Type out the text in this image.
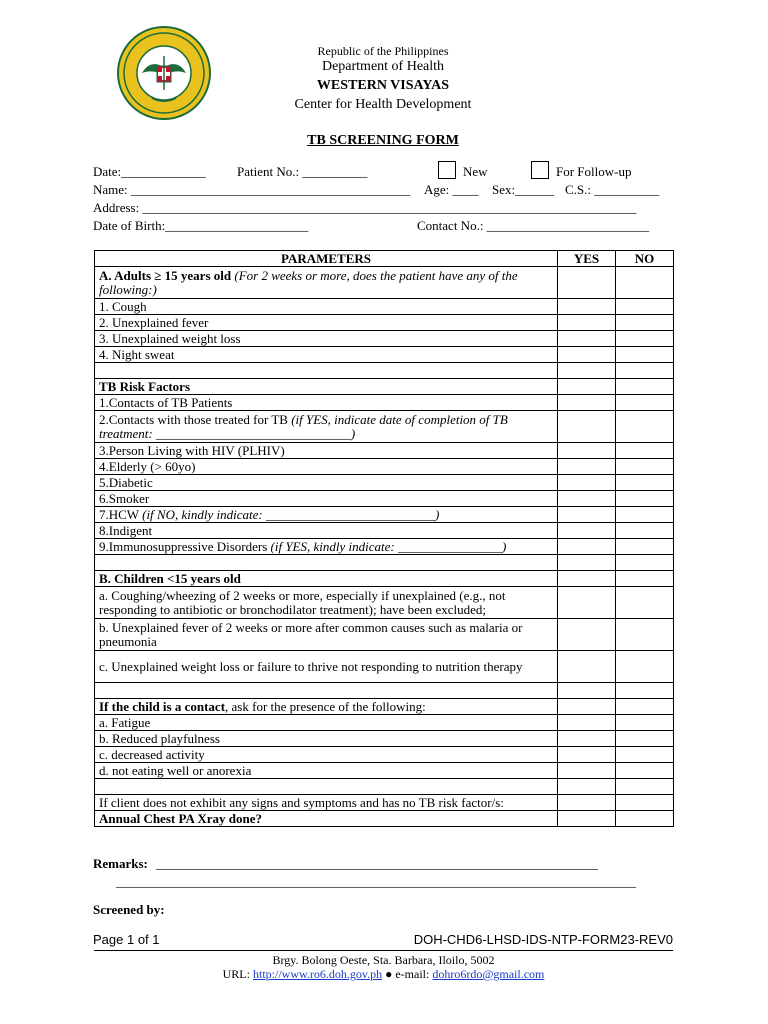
Republic of the Philippines
Department of Health
WESTERN VISAYAS
Center for Health Development
TB SCREENING FORM
Date:_____________ Patient No.: __________	New	For Follow-up
Name: ___________________________________________ Age: ____ Sex:______ C.S.: __________
Address: ____________________________________________________________________________
Date of Birth:______________________	Contact No.: _________________________
PARAMETERS	YES	NO
A. Adults ≥ 15 years old (For 2 weeks or more, does the patient have any of the following:)		
1. Cough		
2. Unexplained fever		
3. Unexplained weight loss		
4. Night sweat		

TB Risk Factors		
1.Contacts of TB Patients		
2.Contacts with those treated for TB (if YES, indicate date of completion of TB treatment: ______________________________)		
3.Person Living with HIV (PLHIV)		
4.Elderly (> 60yo)		
5.Diabetic		
6.Smoker		
7.HCW (if NO, kindly indicate: __________________________)		
8.Indigent		
9.Immunosuppressive Disorders (if YES, kindly indicate: ________________)		

B. Children <15 years old		
a. Coughing/wheezing of 2 weeks or more, especially if unexplained (e.g., not responding to antibiotic or bronchodilator treatment); have been excluded;		
b. Unexplained fever of 2 weeks or more after common causes such as malaria or pneumonia		
c. Unexplained weight loss or failure to thrive not responding to nutrition therapy		

If the child is a contact, ask for the presence of the following:		
a. Fatigue		
b. Reduced playfulness		
c. decreased activity		
d. not eating well or anorexia		

If client does not exhibit any signs and symptoms and has no TB risk factor/s:		
Annual Chest PA Xray done?		
Remarks: ____________________________________________________________________
________________________________________________________________________________
Screened by:
Page 1 of 1	DOH-CHD6-LHSD-IDS-NTP-FORM23-REV0
Brgy. Bolong Oeste, Sta. Barbara, Iloilo, 5002
URL: http://www.ro6.doh.gov.ph ● e-mail: dohro6rdo@gmail.com
